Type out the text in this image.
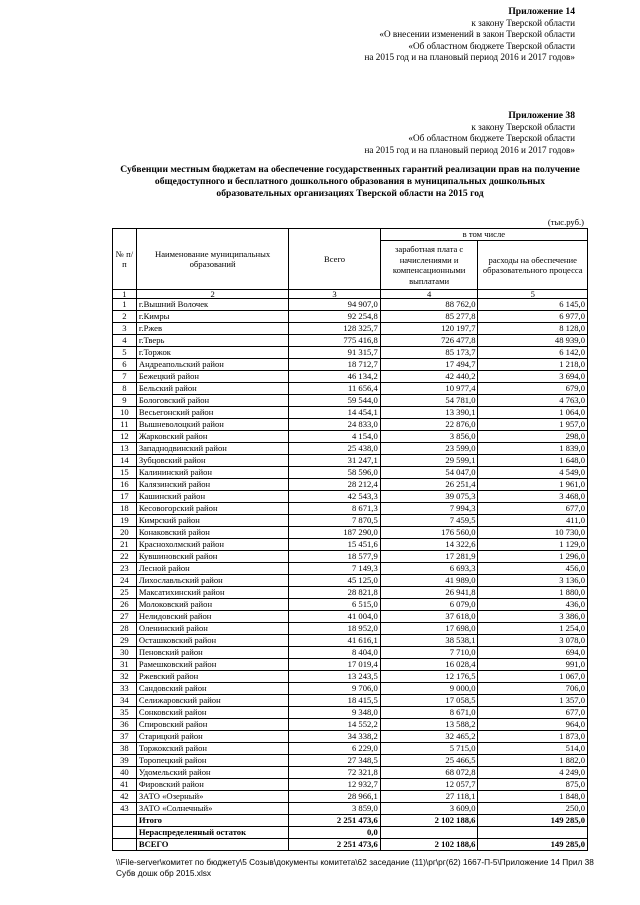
Приложение 14
к закону Тверской области
«О внесении изменений в закон Тверской области
«Об областном бюджете Тверской области
на 2015 год и на плановый период 2016 и 2017 годов»
Приложение 38
к закону Тверской области
«Об областном бюджете Тверской области
на 2015 год и на плановый период 2016 и 2017 годов»
Субвенции местным бюджетам на обеспечение государственных гарантий реализации прав на получение
общедоступного и бесплатного дошкольного образования в муниципальных дошкольных
образовательных организациях Тверской области на 2015 год
(тыс.руб.)
№ п/п	Наименование муниципальных образований	Всего	в том числе	
			заработная плата с начислениями и компенсационными выплатами	расходы на обеспечение образовательного процесса
1	2	3	4	5
1	г.Вышний Волочек	94 907,0	88 762,0	6 145,0
2	г.Кимры	92 254,8	85 277,8	6 977,0
3	г.Ржев	128 325,7	120 197,7	8 128,0
4	г.Тверь	775 416,8	726 477,8	48 939,0
5	г.Торжок	91 315,7	85 173,7	6 142,0
6	Андреапольский район	18 712,7	17 494,7	1 218,0
7	Бежецкий район	46 134,2	42 440,2	3 694,0
8	Бельский район	11 656,4	10 977,4	679,0
9	Бологовский район	59 544,0	54 781,0	4 763,0
10	Весьегонский район	14 454,1	13 390,1	1 064,0
11	Вышневолоцкий район	24 833,0	22 876,0	1 957,0
12	Жарковский район	4 154,0	3 856,0	298,0
13	Западнодвинский район	25 438,0	23 599,0	1 839,0
14	Зубцовский район	31 247,1	29 599,1	1 648,0
15	Калининский район	58 596,0	54 047,0	4 549,0
16	Калязинский район	28 212,4	26 251,4	1 961,0
17	Кашинский район	42 543,3	39 075,3	3 468,0
18	Кесовогорский район	8 671,3	7 994,3	677,0
19	Кимрский район	7 870,5	7 459,5	411,0
20	Конаковский район	187 290,0	176 560,0	10 730,0
21	Краснохолмский район	15 451,6	14 322,6	1 129,0
22	Кувшиновский район	18 577,9	17 281,9	1 296,0
23	Лесной район	7 149,3	6 693,3	456,0
24	Лихославльский район	45 125,0	41 989,0	3 136,0
25	Максатихинский район	28 821,8	26 941,8	1 880,0
26	Молоковский район	6 515,0	6 079,0	436,0
27	Нелидовский район	41 004,0	37 618,0	3 386,0
28	Оленинский район	18 952,0	17 698,0	1 254,0
29	Осташковский район	41 616,1	38 538,1	3 078,0
30	Пеновский район	8 404,0	7 710,0	694,0
31	Рамешковский район	17 019,4	16 028,4	991,0
32	Ржевский район	13 243,5	12 176,5	1 067,0
33	Сандовский район	9 706,0	9 000,0	706,0
34	Селижаровский район	18 415,5	17 058,5	1 357,0
35	Сонковский район	9 348,0	8 671,0	677,0
36	Спировский район	14 552,2	13 588,2	964,0
37	Старицкий район	34 338,2	32 465,2	1 873,0
38	Торжокский район	6 229,0	5 715,0	514,0
39	Торопецкий район	27 348,5	25 466,5	1 882,0
40	Удомельский район	72 321,8	68 072,8	4 249,0
41	Фировский район	12 932,7	12 057,7	875,0
42	ЗАТО «Озерный»	28 966,1	27 118,1	1 848,0
43	ЗАТО «Солнечный»	3 859,0	3 609,0	250,0
	Итого	2 251 473,6	2 102 188,6	149 285,0
	Нераспределенный остаток	0,0		
	ВСЕГО	2 251 473,6	2 102 188,6	149 285,0
\\File-server\комитет по бюджету\5 Созыв\документы комитета\62 заседание (11)\рг\рг(62) 1667-П-5\Приложение 14 Прил 38 Субв дошк обр 2015.xlsx
